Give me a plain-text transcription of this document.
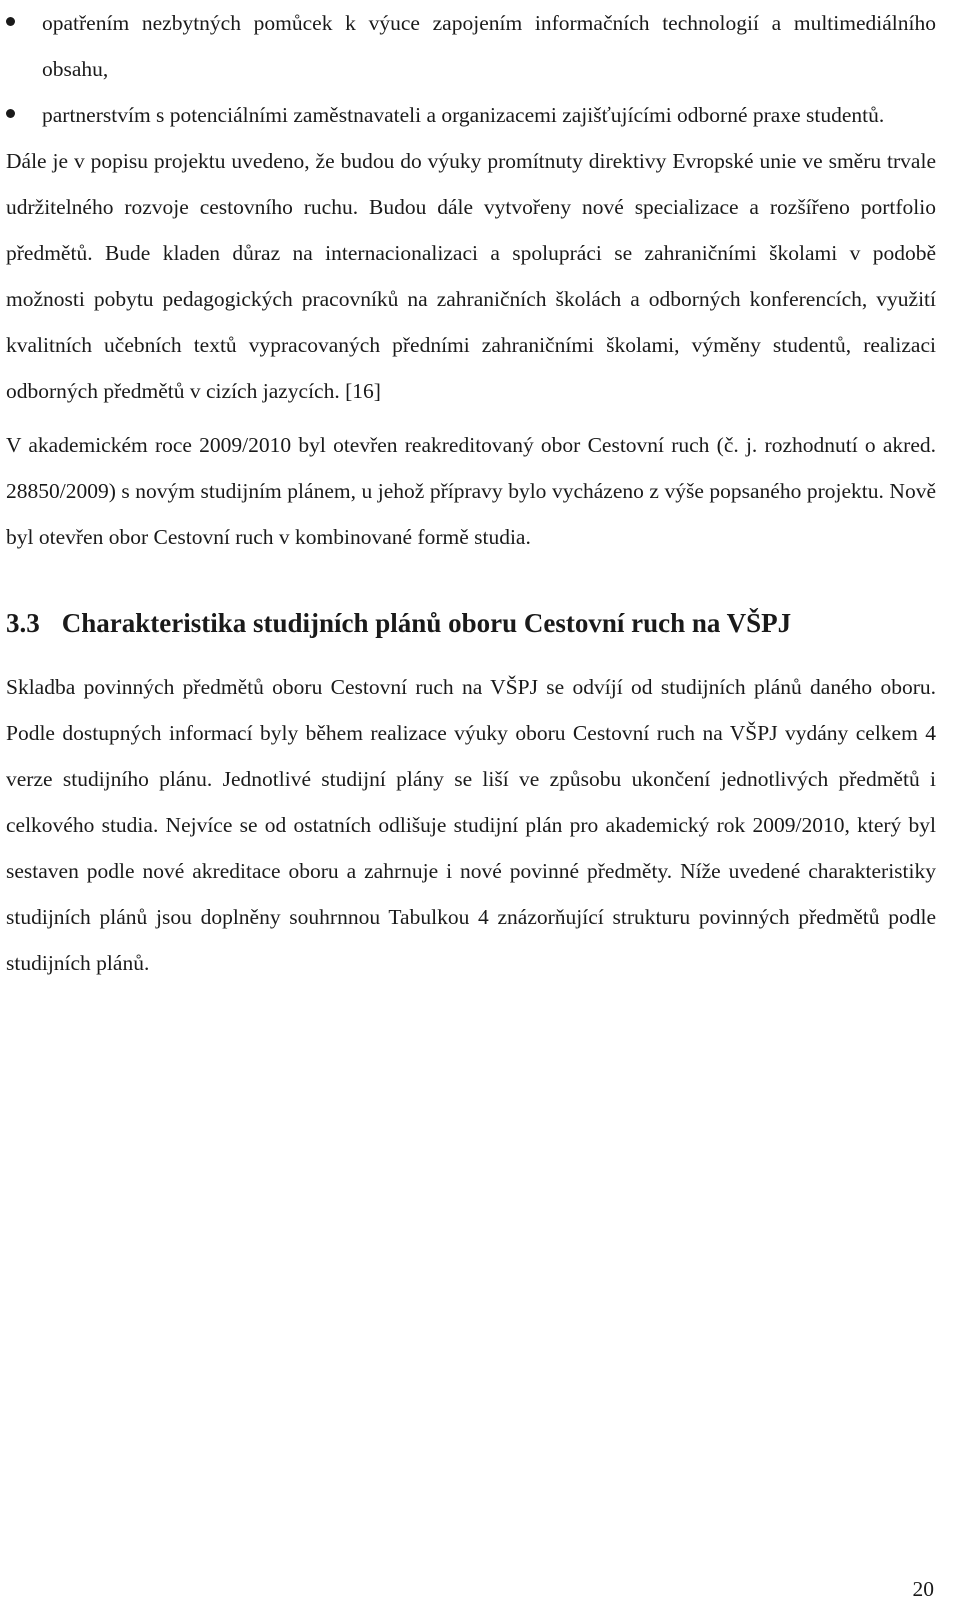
opatřením nezbytných pomůcek k výuce zapojením informačních technologií a multimediálního obsahu,
partnerstvím s potenciálními zaměstnavateli a organizacemi zajišťujícími odborné praxe studentů.

Dále je v popisu projektu uvedeno, že budou do výuky promítnuty direktivy Evropské unie ve směru trvale udržitelného rozvoje cestovního ruchu. Budou dále vytvořeny nové specializace a rozšířeno portfolio předmětů. Bude kladen důraz na internacionalizaci a spolupráci se zahraničními školami v podobě možnosti pobytu pedagogických pracovníků na zahraničních školách a odborných konferencích, využití kvalitních učebních textů vypracovaných předními zahraničními školami, výměny studentů, realizaci odborných předmětů v cizích jazycích. [16]

V akademickém roce 2009/2010 byl otevřen reakreditovaný obor Cestovní ruch (č. j. rozhodnutí o akred. 28850/2009) s novým studijním plánem, u jehož přípravy bylo vycházeno z výše popsaného projektu. Nově byl otevřen obor Cestovní ruch v kombinované formě studia.

3.3 Charakteristika studijních plánů oboru Cestovní ruch na VŠPJ

Skladba povinných předmětů oboru Cestovní ruch na VŠPJ se odvíjí od studijních plánů daného oboru. Podle dostupných informací byly během realizace výuky oboru Cestovní ruch na VŠPJ vydány celkem 4 verze studijního plánu. Jednotlivé studijní plány se liší ve způsobu ukončení jednotlivých předmětů i celkového studia. Nejvíce se od ostatních odlišuje studijní plán pro akademický rok 2009/2010, který byl sestaven podle nové akreditace oboru a zahrnuje i nové povinné předměty. Níže uvedené charakteristiky studijních plánů jsou doplněny souhrnnou Tabulkou 4 znázorňující strukturu povinných předmětů podle studijních plánů.

20
